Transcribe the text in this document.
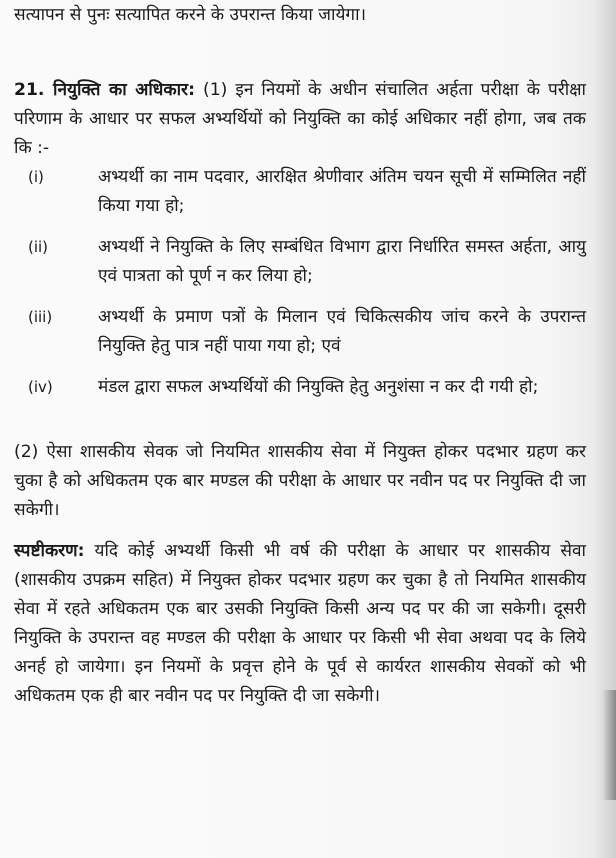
सत्यापन से पुनः सत्यापित करने के उपरान्त किया जायेगा।

21. नियुक्ति का अधिकार: (1) इन नियमों के अधीन संचालित अर्हता परीक्षा के परीक्षा परिणाम के आधार पर सफल अभ्यर्थियों को नियुक्ति का कोई अधिकार नहीं होगा, जब तक कि :-

(i)	अभ्यर्थी का नाम पदवार, आरक्षित श्रेणीवार अंतिम चयन सूची में सम्मिलित नहीं किया गया हो;
(ii)	अभ्यर्थी ने नियुक्ति के लिए सम्बंधित विभाग द्वारा निर्धारित समस्त अर्हता, आयु एवं पात्रता को पूर्ण न कर लिया हो;
(iii)	अभ्यर्थी के प्रमाण पत्रों के मिलान एवं चिकित्सकीय जांच करने के उपरान्त नियुक्ति हेतु पात्र नहीं पाया गया हो; एवं
(iv)	मंडल द्वारा सफल अभ्यर्थियों की नियुक्ति हेतु अनुशंसा न कर दी गयी हो;

(2) ऐसा शासकीय सेवक जो नियमित शासकीय सेवा में नियुक्त होकर पदभार ग्रहण कर चुका है को अधिकतम एक बार मण्डल की परीक्षा के आधार पर नवीन पद पर नियुक्ति दी जा सकेगी।

स्पष्टीकरण: यदि कोई अभ्यर्थी किसी भी वर्ष की परीक्षा के आधार पर शासकीय सेवा (शासकीय उपक्रम सहित) में नियुक्त होकर पदभार ग्रहण कर चुका है तो नियमित शासकीय सेवा में रहते अधिकतम एक बार उसकी नियुक्ति किसी अन्य पद पर की जा सकेगी। दूसरी नियुक्ति के उपरान्त वह मण्डल की परीक्षा के आधार पर किसी भी सेवा अथवा पद के लिये अनर्ह हो जायेगा। इन नियमों के प्रवृत्त होने के पूर्व से कार्यरत शासकीय सेवकों को भी अधिकतम एक ही बार नवीन पद पर नियुक्ति दी जा सकेगी।
